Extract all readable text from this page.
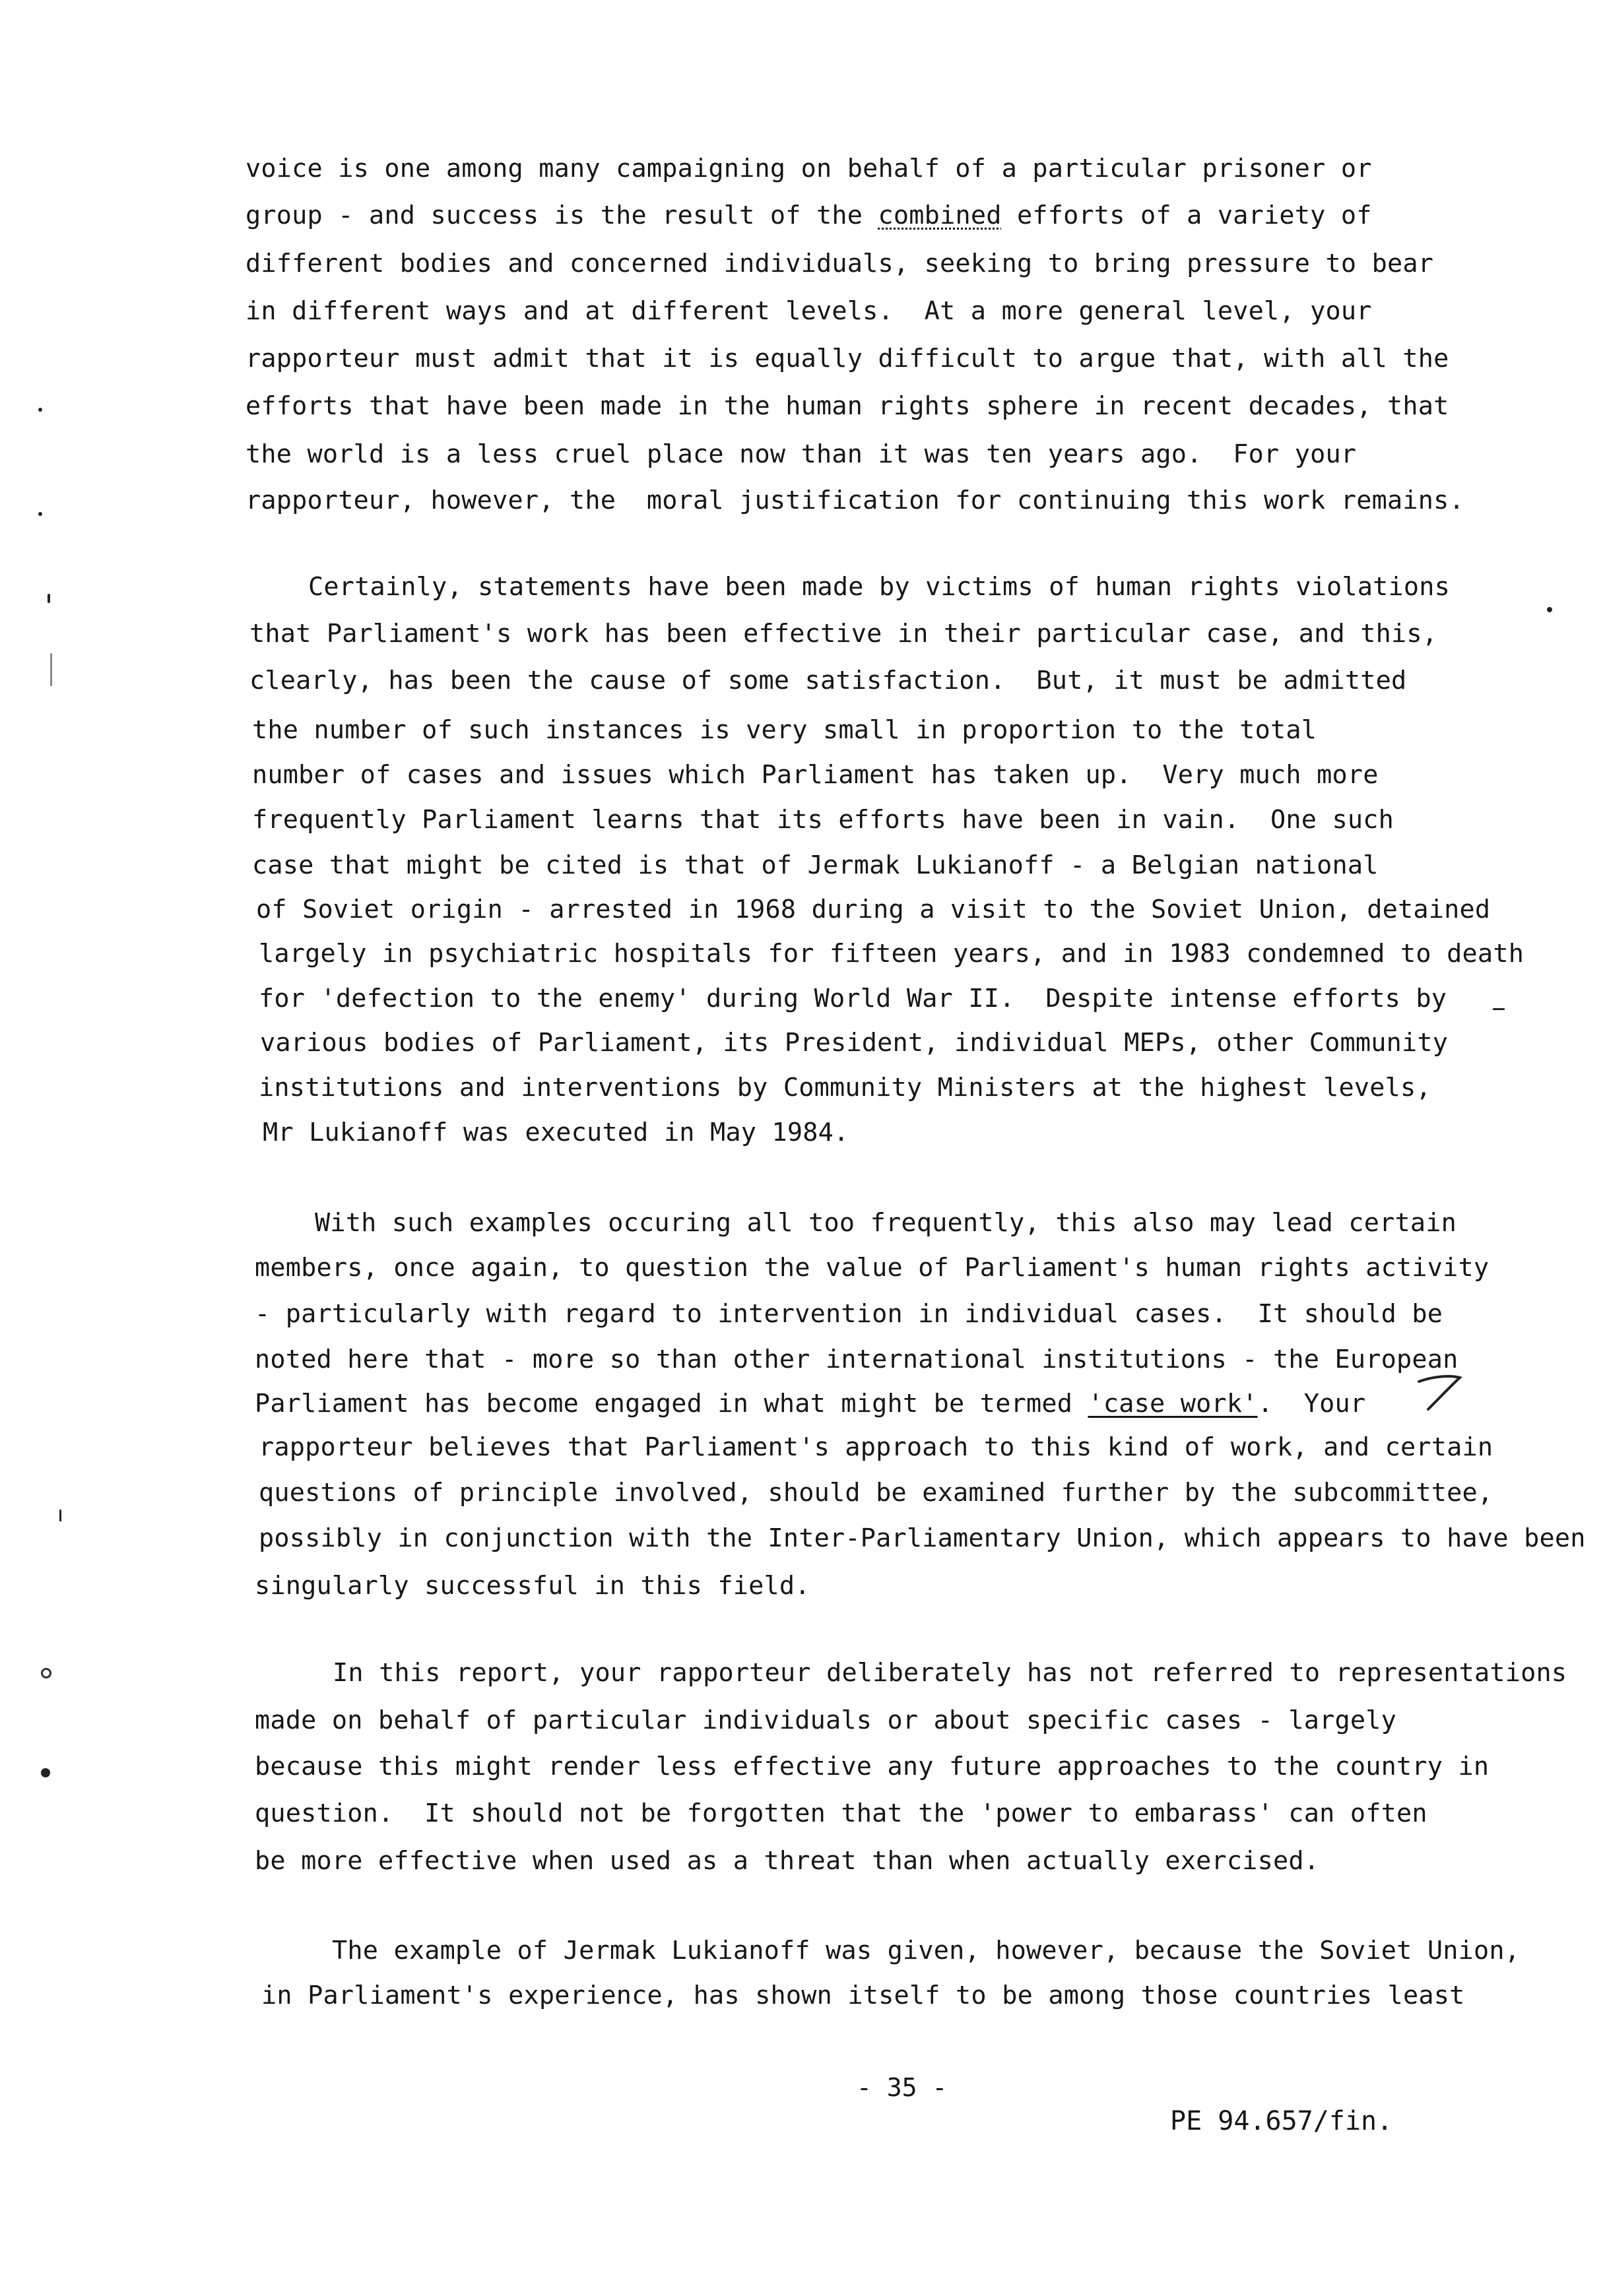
voice is one among many campaigning on behalf of a particular prisoner or
group - and success is the result of the combined efforts of a variety of
different bodies and concerned individuals, seeking to bring pressure to bear
in different ways and at different levels.  At a more general level, your
rapporteur must admit that it is equally difficult to argue that, with all the
efforts that have been made in the human rights sphere in recent decades, that
the world is a less cruel place now than it was ten years ago.  For your
rapporteur, however, the  moral justification for continuing this work remains.
Certainly, statements have been made by victims of human rights violations
that Parliament's work has been effective in their particular case, and this,
clearly, has been the cause of some satisfaction.  But, it must be admitted
the number of such instances is very small in proportion to the total
number of cases and issues which Parliament has taken up.  Very much more
frequently Parliament learns that its efforts have been in vain.  One such
case that might be cited is that of Jermak Lukianoff - a Belgian national
of Soviet origin - arrested in 1968 during a visit to the Soviet Union, detained
largely in psychiatric hospitals for fifteen years, and in 1983 condemned to death
for 'defection to the enemy' during World War II.  Despite intense efforts by
various bodies of Parliament, its President, individual MEPs, other Community
institutions and interventions by Community Ministers at the highest levels,
Mr Lukianoff was executed in May 1984.
With such examples occuring all too frequently, this also may lead certain
members, once again, to question the value of Parliament's human rights activity
- particularly with regard to intervention in individual cases.  It should be
noted here that - more so than other international institutions - the European
Parliament has become engaged in what might be termed 'case work'.  Your
rapporteur believes that Parliament's approach to this kind of work, and certain
questions of principle involved, should be examined further by the subcommittee,
possibly in conjunction with the Inter-Parliamentary Union, which appears to have been
singularly successful in this field.
In this report, your rapporteur deliberately has not referred to representations
made on behalf of particular individuals or about specific cases - largely
because this might render less effective any future approaches to the country in
question.  It should not be forgotten that the 'power to embarass' can often
be more effective when used as a threat than when actually exercised.
The example of Jermak Lukianoff was given, however, because the Soviet Union,
in Parliament's experience, has shown itself to be among those countries least
- 35 -
PE 94.657/fin.
